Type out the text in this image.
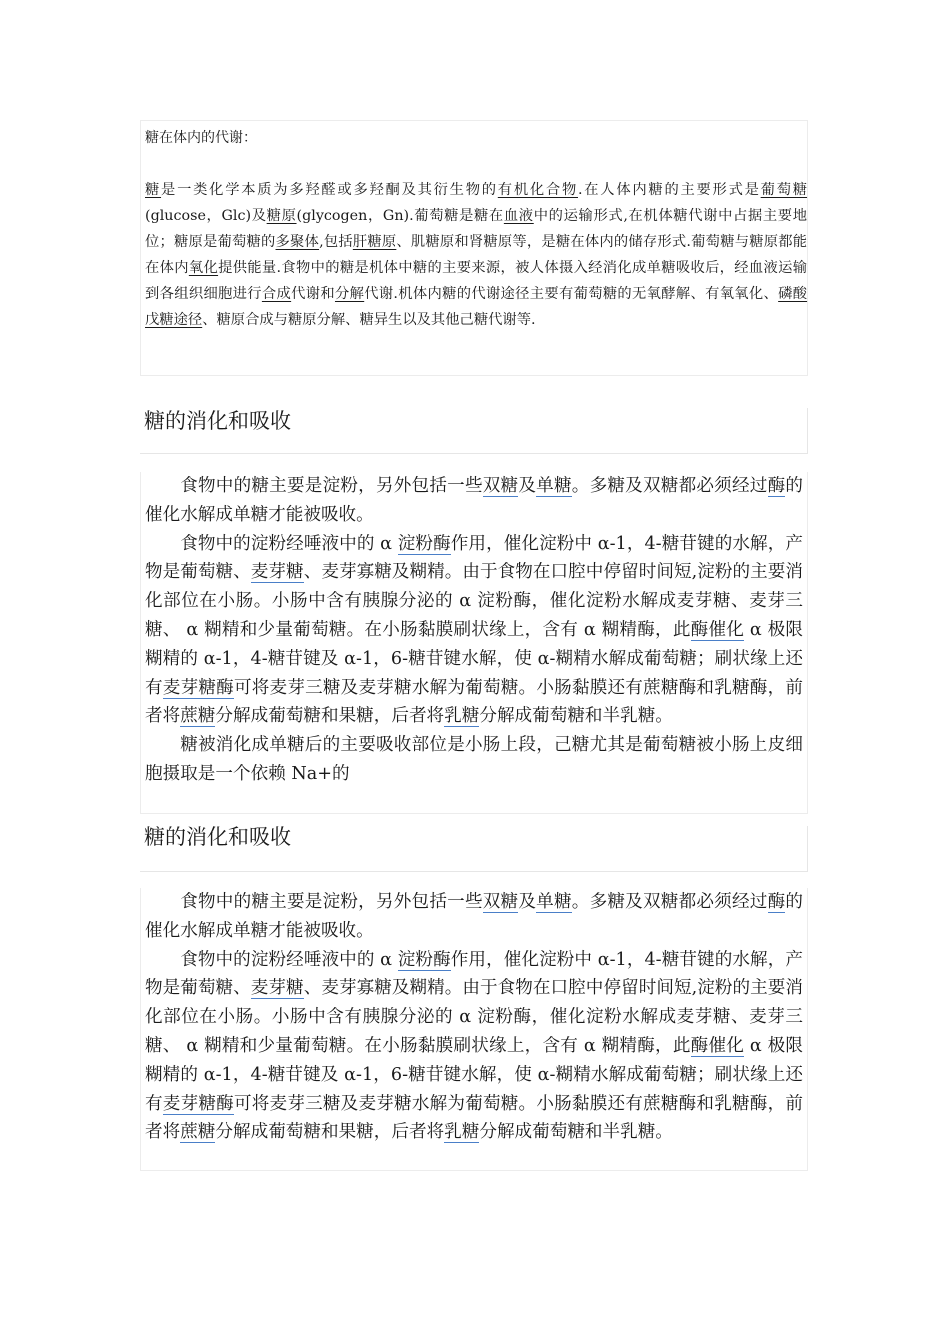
糖在体内的代谢：
糖是一类化学本质为多羟醛或多羟酮及其衍生物的有机化合物.在人体内糖的主要形式是葡萄糖(glucose，Glc)及糖原(glycogen，Gn).葡萄糖是糖在血液中的运输形式,在机体糖代谢中占据主要地位；糖原是葡萄糖的多聚体,包括肝糖原、肌糖原和肾糖原等，是糖在体内的储存形式.葡萄糖与糖原都能在体内氧化提供能量.食物中的糖是机体中糖的主要来源，被人体摄入经消化成单糖吸收后，经血液运输到各组织细胞进行合成代谢和分解代谢.机体内糖的代谢途径主要有葡萄糖的无氧酵解、有氧氧化、磷酸戊糖途径、糖原合成与糖原分解、糖异生以及其他己糖代谢等.
糖的消化和吸收

食物中的糖主要是淀粉，另外包括一些双糖及单糖。多糖及双糖都必须经过酶的催化水解成单糖才能被吸收。

食物中的淀粉经唾液中的 α 淀粉酶作用，催化淀粉中 α-1，4-糖苷键的水解，产物是葡萄糖、麦芽糖、麦芽寡糖及糊精。由于食物在口腔中停留时间短,淀粉的主要消化部位在小肠。小肠中含有胰腺分泌的 α 淀粉酶，催化淀粉水解成麦芽糖、麦芽三糖、 α 糊精和少量葡萄糖。在小肠黏膜刷状缘上，含有 α 糊精酶，此酶催化 α 极限糊精的 α-1，4-糖苷键及 α-1，6-糖苷键水解，使 α-糊精水解成葡萄糖；刷状缘上还有麦芽糖酶可将麦芽三糖及麦芽糖水解为葡萄糖。小肠黏膜还有蔗糖酶和乳糖酶，前者将蔗糖分解成葡萄糖和果糖，后者将乳糖分解成葡萄糖和半乳糖。

糖被消化成单糖后的主要吸收部位是小肠上段，己糖尤其是葡萄糖被小肠上皮细胞摄取是一个依赖 Na+的

糖的消化和吸收

食物中的糖主要是淀粉，另外包括一些双糖及单糖。多糖及双糖都必须经过酶的催化水解成单糖才能被吸收。

食物中的淀粉经唾液中的 α 淀粉酶作用，催化淀粉中 α-1，4-糖苷键的水解，产物是葡萄糖、麦芽糖、麦芽寡糖及糊精。由于食物在口腔中停留时间短,淀粉的主要消化部位在小肠。小肠中含有胰腺分泌的 α 淀粉酶，催化淀粉水解成麦芽糖、麦芽三糖、 α 糊精和少量葡萄糖。在小肠黏膜刷状缘上，含有 α 糊精酶，此酶催化 α 极限糊精的 α-1，4-糖苷键及 α-1，6-糖苷键水解，使 α-糊精水解成葡萄糖；刷状缘上还有麦芽糖酶可将麦芽三糖及麦芽糖水解为葡萄糖。小肠黏膜还有蔗糖酶和乳糖酶，前者将蔗糖分解成葡萄糖和果糖，后者将乳糖分解成葡萄糖和半乳糖。
